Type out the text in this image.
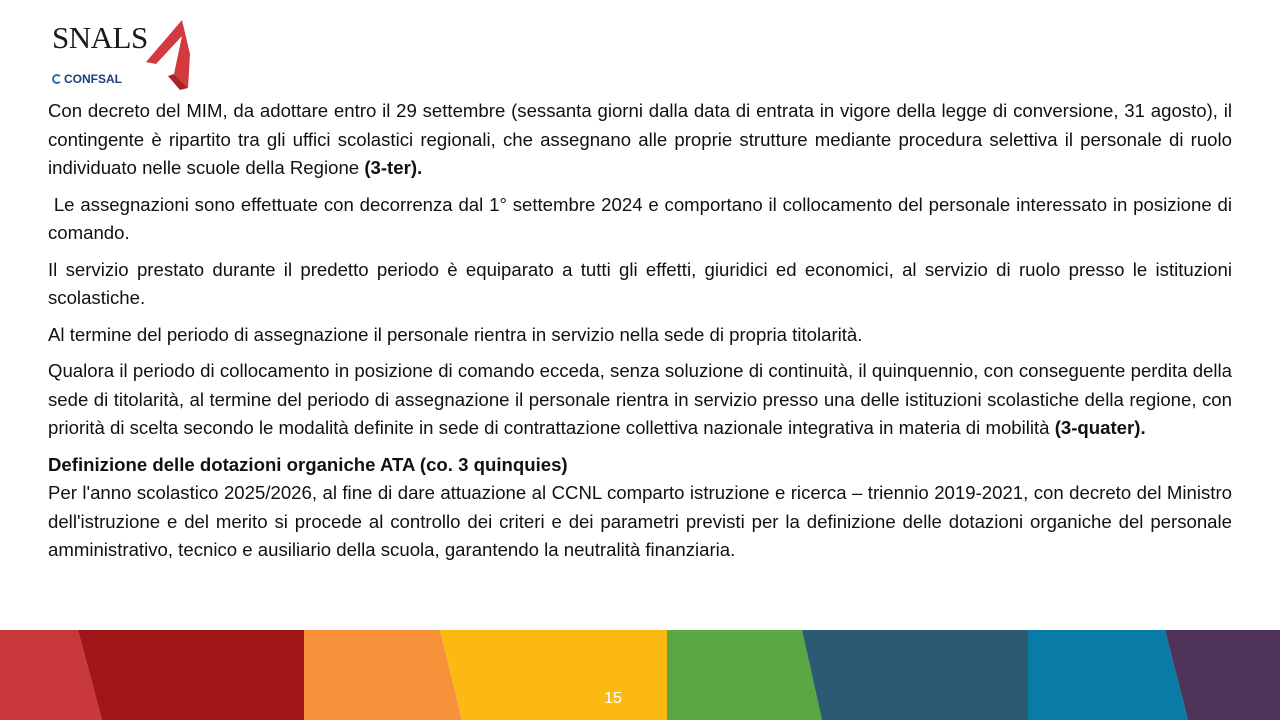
SNALS
CONFSAL

Con decreto del MIM, da adottare entro il 29 settembre (sessanta giorni dalla data di entrata in vigore della legge di conversione, 31 agosto), il contingente è ripartito tra gli uffici scolastici regionali, che assegnano alle proprie strutture mediante procedura selettiva il personale di ruolo individuato nelle scuole della Regione (3-ter).

Le assegnazioni sono effettuate con decorrenza dal 1° settembre 2024 e comportano il collocamento del personale interessato in posizione di comando.

Il servizio prestato durante il predetto periodo è equiparato a tutti gli effetti, giuridici ed economici, al servizio di ruolo presso le istituzioni scolastiche.

Al termine del periodo di assegnazione il personale rientra in servizio nella sede di propria titolarità.

Qualora il periodo di collocamento in posizione di comando ecceda, senza soluzione di continuità, il quinquennio, con conseguente perdita della sede di titolarità, al termine del periodo di assegnazione il personale rientra in servizio presso una delle istituzioni scolastiche della regione, con priorità di scelta secondo le modalità definite in sede di contrattazione collettiva nazionale integrativa in materia di mobilità (3-quater).

Definizione delle dotazioni organiche ATA (co. 3 quinquies)

Per l'anno scolastico 2025/2026, al fine di dare attuazione al CCNL comparto istruzione e ricerca – triennio 2019-2021, con decreto del Ministro dell'istruzione e del merito si procede al controllo dei criteri e dei parametri previsti per la definizione delle dotazioni organiche del personale amministrativo, tecnico e ausiliario della scuola, garantendo la neutralità finanziaria.

15
